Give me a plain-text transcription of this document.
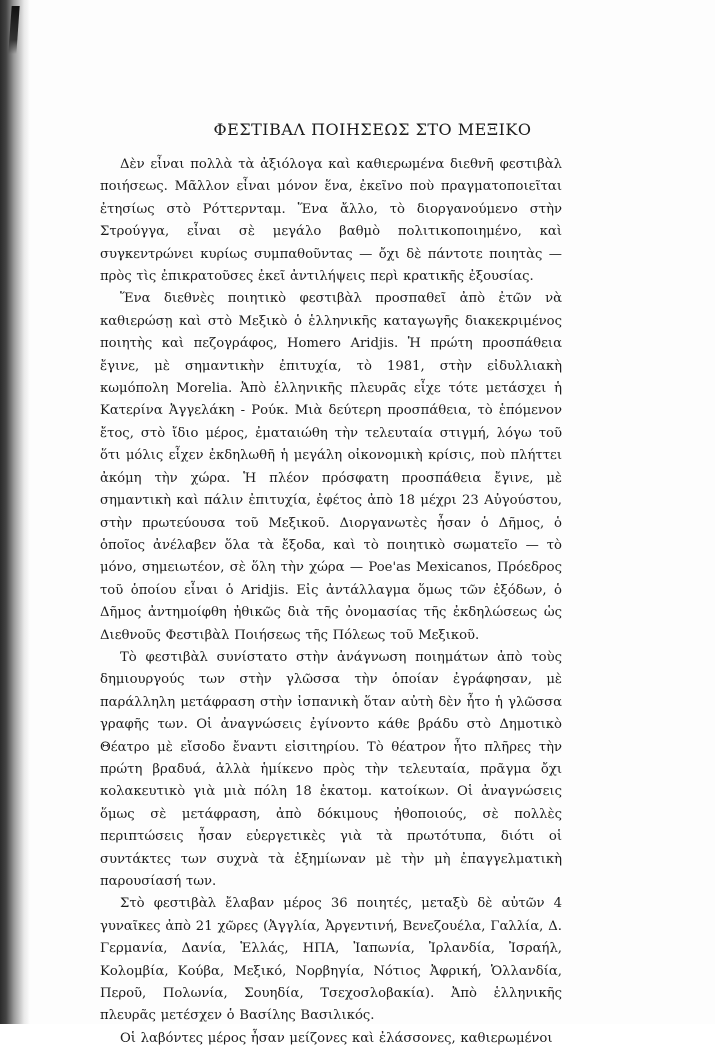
ΦΕΣΤΙΒΑΛ ΠΟΙΗΣΕΩΣ ΣΤΟ ΜΕΞΙΚΟ

Δὲν εἶναι πολλὰ τὰ ἀξιόλογα καὶ καθιερωμένα διεθνῆ φεστιβὰλ ποιήσεως. Μᾶλλον εἶναι μόνον ἕνα, ἐκεῖνο ποὺ πραγματοποιεῖται ἐτησίως στὸ Ρόττερνταμ. Ἕνα ἄλλο, τὸ διοργανούμενο στὴν Στρούγγα, εἶναι σὲ μεγάλο βαθμὸ πολιτικοποιημένο, καὶ συγκεντρώνει κυρίως συμπαθοῦντας — ὄχι δὲ πάντοτε ποιητὰς — πρὸς τὶς ἐπικρατοῦσες ἐκεῖ ἀντιλήψεις περὶ κρατικῆς ἐξουσίας.

Ἕνα διεθνὲς ποιητικὸ φεστιβὰλ προσπαθεῖ ἀπὸ ἐτῶν νὰ καθιερώσῃ καὶ στὸ Μεξικὸ ὁ ἑλληνικῆς καταγωγῆς διακεκριμένος ποιητὴς καὶ πεζογράφος, Homero Aridjis. Ἡ πρώτη προσπάθεια ἔγινε, μὲ σημαντικὴν ἐπιτυχία, τὸ 1981, στὴν εἰδυλλιακὴ κωμόπολη Morelia. Ἀπὸ ἑλληνικῆς πλευρᾶς εἶχε τότε μετάσχει ἡ Κατερίνα Ἀγγελάκη - Ρούκ. Μιὰ δεύτερη προσπάθεια, τὸ ἑπόμενον ἔτος, στὸ ἴδιο μέρος, ἐματαιώθη τὴν τελευταία στιγμή, λόγω τοῦ ὅτι μόλις εἶχεν ἐκδηλωθῆ ἡ μεγάλη οἰκονομικὴ κρίσις, ποὺ πλήττει ἀκόμη τὴν χώρα. Ἡ πλέον πρόσφατη προσπάθεια ἔγινε, μὲ σημαντικὴ καὶ πάλιν ἐπιτυχία, ἐφέτος ἀπὸ 18 μέχρι 23 Αὐγούστου, στὴν πρωτεύουσα τοῦ Μεξικοῦ. Διοργανωτὲς ἦσαν ὁ Δῆμος, ὁ ὁποῖος ἀνέλαβεν ὅλα τὰ ἔξοδα, καὶ τὸ ποιητικὸ σωματεῖο — τὸ μόνο, σημειωτέον, σὲ ὅλη τὴν χώρα — Poe'as Mexicanos, Πρόεδρος τοῦ ὁποίου εἶναι ὁ Aridjis. Εἰς ἀντάλλαγμα ὅμως τῶν ἐξόδων, ὁ Δῆμος ἀντημοίφθη ἠθικῶς διὰ τῆς ὀνομασίας τῆς ἐκδηλώσεως ὡς Διεθνοῦς Φεστιβὰλ Ποιήσεως τῆς Πόλεως τοῦ Μεξικοῦ.

Τὸ φεστιβὰλ συνίστατο στὴν ἀνάγνωση ποιημάτων ἀπὸ τοὺς δημιουργούς των στὴν γλῶσσα τὴν ὁποίαν ἐγράφησαν, μὲ παράλληλη μετάφραση στὴν ἰσπανικὴ ὅταν αὐτὴ δὲν ἦτο ἡ γλῶσσα γραφῆς των. Οἱ ἀναγνώσεις ἐγίνοντο κάθε βράδυ στὸ Δημοτικὸ Θέατρο μὲ εἴσοδο ἔναντι εἰσιτηρίου. Τὸ θέατρον ἦτο πλῆρες τὴν πρώτη βραδυά, ἀλλὰ ἡμίκενο πρὸς τὴν τελευταία, πρᾶγμα ὄχι κολακευτικὸ γιὰ μιὰ πόλη 18 ἑκατομ. κατοίκων. Οἱ ἀναγνώσεις ὅμως σὲ μετάφραση, ἀπὸ δόκιμους ἠθοποιούς, σὲ πολλὲς περιπτώσεις ἦσαν εὐεργετικὲς γιὰ τὰ πρωτότυπα, διότι οἱ συντάκτες των συχνὰ τὰ ἐξημίωναν μὲ τὴν μὴ ἐπαγγελματικὴ παρουσίασή των.

Στὸ φεστιβὰλ ἔλαβαν μέρος 36 ποιητές, μεταξὺ δὲ αὐτῶν 4 γυναῖκες ἀπὸ 21 χῶρες (Ἀγγλία, Ἀργεντινή, Βενεζουέλα, Γαλλία, Δ. Γερμανία, Δανία, Ἑλλάς, ΗΠΑ, Ἰαπωνία, Ἰρλανδία, Ἰσραήλ, Κολομβία, Κούβα, Μεξικό, Νορβηγία, Νότιος Ἀφρική, Ὁλλανδία, Περοῦ, Πολωνία, Σουηδία, Τσεχοσλοβακία). Ἀπὸ ἑλληνικῆς πλευρᾶς μετέσχεν ὁ Βασίλης Βασιλικός.

Οἱ λαβόντες μέρος ἦσαν μείζονες καὶ ἐλάσσονες, καθιερωμένοι
